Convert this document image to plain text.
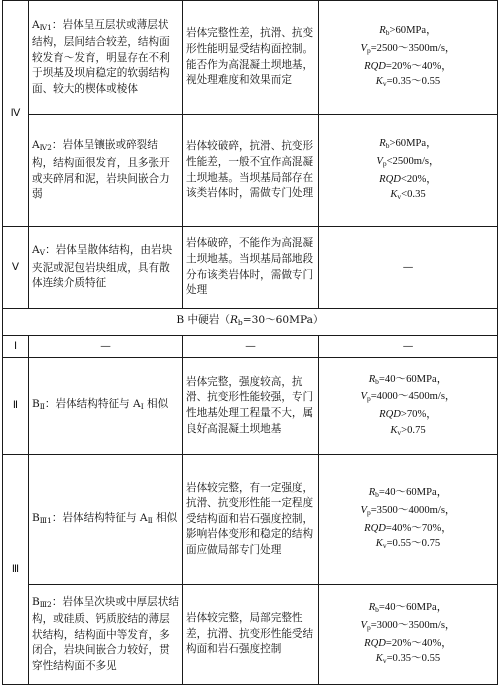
Ⅳ	$A_{Ⅳ1}$：岩体呈互层状或薄层状结构，层间结合较差，结构面较发育～发育，明显存在不利于坝基及坝肩稳定的软弱结构面、较大的楔体或棱体	岩体完整性差，抗滑、抗变形性能明显受结构面控制。能否作为高混凝土坝地基，视处理难度和效果而定	$R_b>60MPa$，
$V_p=2500\sim 3500m/s$，
RQD=20%～40%，
$K_v=0.35\sim 0.55$

	$A_{Ⅳ2}$：岩体呈镶嵌或碎裂结构，结构面很发育，且多张开或夹碎屑和泥，岩块间嵌合力弱	岩体较破碎，抗滑、抗变形性能差，一般不宜作高混凝土坝地基。当坝基局部存在该类岩体时，需做专门处理	$R_b>60MPa$，
$V_p<2500m/s$，
RQD<20%，
$K_v<0.35$

Ⅴ	$A_Ⅴ$：岩体呈散体结构，由岩块夹泥或泥包岩块组成，具有散体连续介质特征	岩体破碎，不能作为高混凝土坝地基。当坝基局部地段分布该类岩体时，需做专门处理	—
B 中硬岩$(R_b=30\sim 60MPa)$			
Ⅰ	—	—	—
Ⅱ	$B_Ⅱ$：岩体结构特征与 $A_Ⅰ$ 相似	岩体完整，强度较高，抗滑、抗变形性能较强，专门性地基处理工程量不大，属良好高混凝土坝地基	$R_b=40\sim 60MPa$，
$V_p=4000\sim 4500m/s$，
RQD>70%，
$K_v>0.75$

Ⅲ	$B_{Ⅲ1}$：岩体结构特征与 $A_Ⅱ$ 相似	岩体较完整，有一定强度，抗滑、抗变形性能一定程度受结构面和岩石强度控制，影响岩体变形和稳定的结构面应做局部专门处理	$R_b=40\sim 60MPa$，
$V_p=3500\sim 4000m/s$，
RQD=40%～70%，
$K_v=0.55\sim 0.75$

	$B_{Ⅲ2}$：岩体呈次块或中厚层状结构，或硅质、钙质胶结的薄层状结构，结构面中等发育，多闭合，岩块间嵌合力较好，贯穿性结构面不多见	岩体较完整，局部完整性差，抗滑、抗变形性能受结构面和岩石强度控制	$R_b=40\sim 60MPa$，
$V_p=3000\sim 3500m/s$，
RQD=20%～40%，
$K_v=0.35\sim 0.55$
